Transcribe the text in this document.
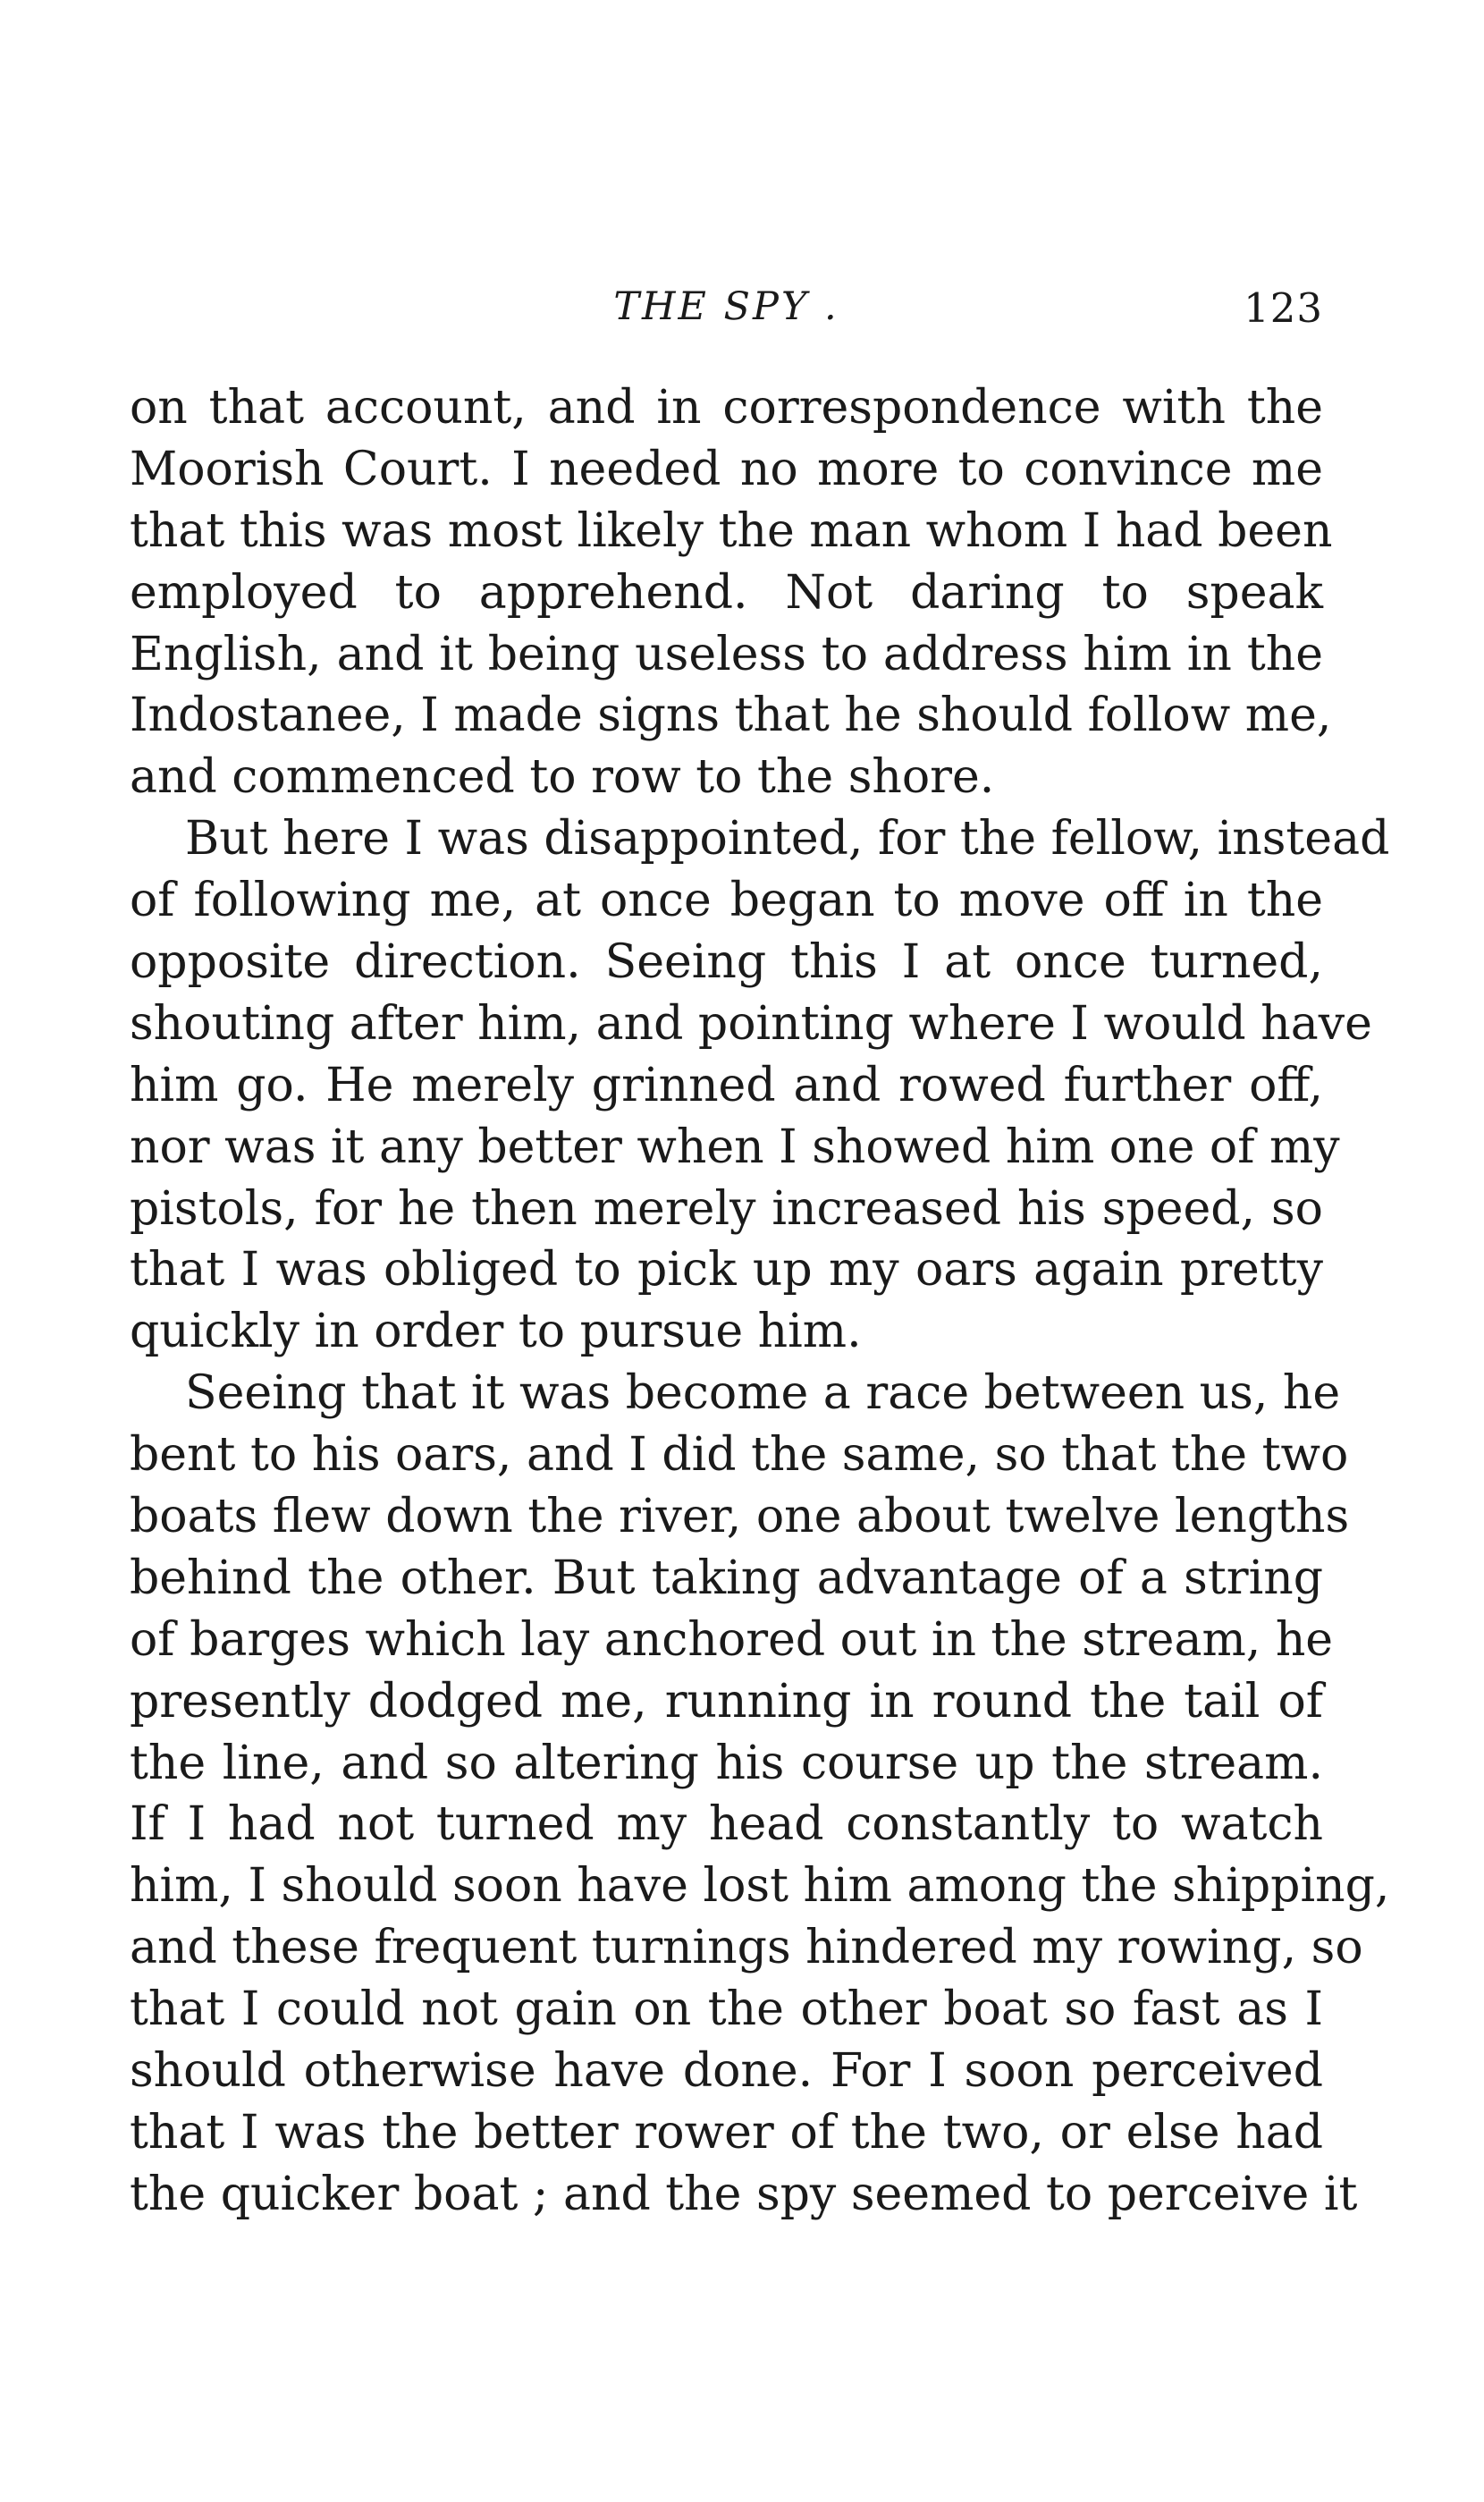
THE SPY .	123
on that account, and in correspondence with the
Moorish Court. I needed no more to convince me
that this was most likely the man whom I had been
employed to apprehend. Not daring to speak
English, and it being useless to address him in the
Indostanee, I made signs that he should follow me,
and commenced to row to the shore.
But here I was disappointed, for the fellow, instead
of following me, at once began to move off in the
opposite direction. Seeing this I at once turned,
shouting after him, and pointing where I would have
him go. He merely grinned and rowed further off,
nor was it any better when I showed him one of my
pistols, for he then merely increased his speed, so
that I was obliged to pick up my oars again pretty
quickly in order to pursue him.
Seeing that it was become a race between us, he
bent to his oars, and I did the same, so that the two
boats flew down the river, one about twelve lengths
behind the other. But taking advantage of a string
of barges which lay anchored out in the stream, he
presently dodged me, running in round the tail of
the line, and so altering his course up the stream.
If I had not turned my head constantly to watch
him, I should soon have lost him among the shipping,
and these frequent turnings hindered my rowing, so
that I could not gain on the other boat so fast as I
should otherwise have done. For I soon perceived
that I was the better rower of the two, or else had
the quicker boat ; and the spy seemed to perceive it
